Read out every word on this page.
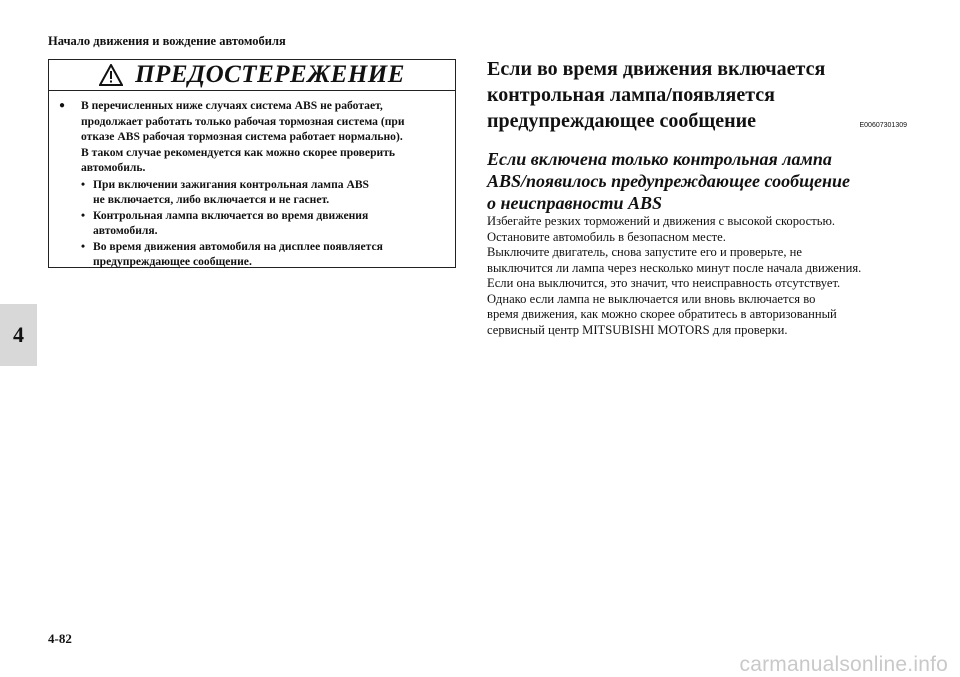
Начало движения и вождение автомобиля
4
ПРЕДОСТЕРЕЖЕНИЕ
●	В перечисленных ниже случаях система ABS не работает,
продолжает работать только рабочая тормозная система (при
отказе ABS рабочая тормозная система работает нормально).
В таком случае рекомендуется как можно скорее проверить
автомобиль.
• При включении зажигания контрольная лампа ABS
не включается, либо включается и не гаснет.
• Контрольная лампа включается во время движения
автомобиля.
• Во время движения автомобиля на дисплее появляется
предупреждающее сообщение.
Если во время движения включается
контрольная лампа/появляется
предупреждающее сообщение	E00607301309
Если включена только контрольная лампа
ABS/появилось предупреждающее сообщение
о неисправности ABS
Избегайте резких торможений и движения с высокой скоростью.
Остановите автомобиль в безопасном месте.
Выключите двигатель, снова запустите его и проверьте, не
выключится ли лампа через несколько минут после начала движения.
Если она выключится, это значит, что неисправность отсутствует.
Однако если лампа не выключается или вновь включается во
время движения, как можно скорее обратитесь в авторизованный
сервисный центр MITSUBISHI MOTORS для проверки.
4-82
carmanualsonline.info
